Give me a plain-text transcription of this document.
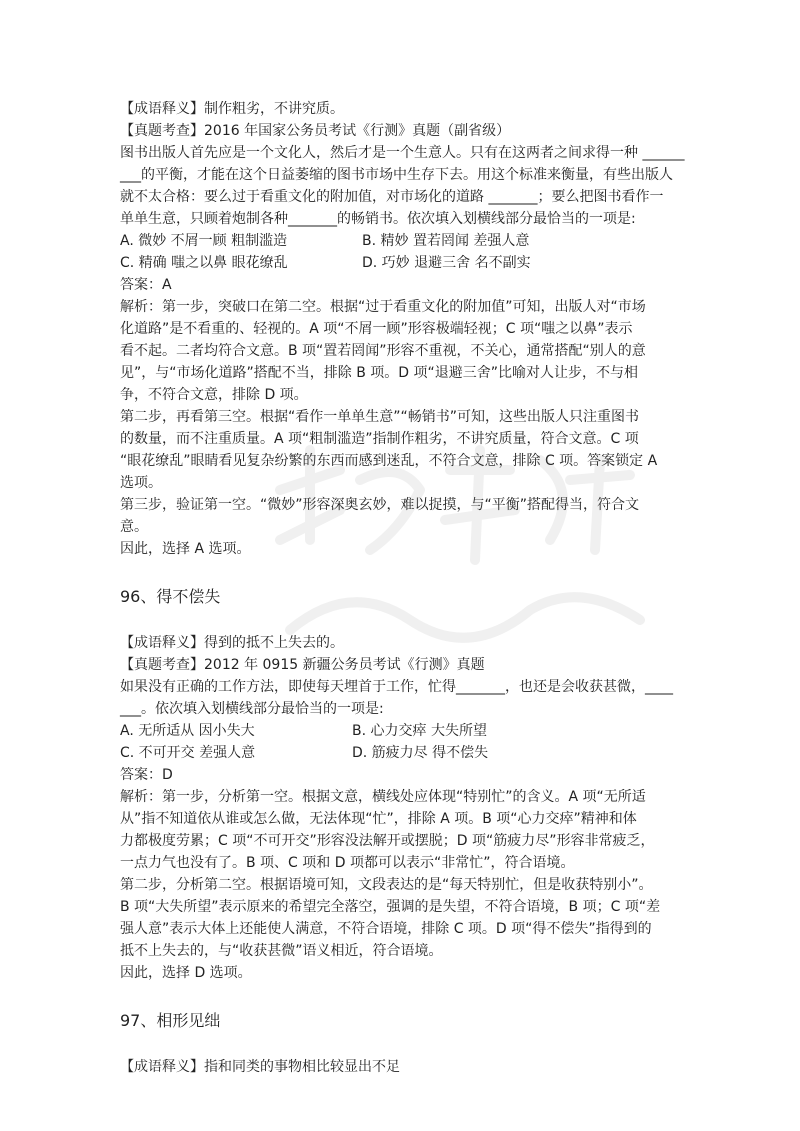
【成语释义】制作粗劣，不讲究质。
【真题考查】2016 年国家公务员考试《行测》真题（副省级）
图书出版人首先应是一个文化人，然后才是一个生意人。只有在这两者之间求得一种 ______
___的平衡，才能在这个日益萎缩的图书市场中生存下去。用这个标准来衡量，有些出版人
就不太合格：要么过于看重文化的附加值，对市场化的道路 _______；要么把图书看作一
单单生意，只顾着炮制各种_______的畅销书。依次填入划横线部分最恰当的一项是:
A. 微妙 不屑一顾 粗制滥造	B. 精妙 置若罔闻 差强人意
C. 精确 嗤之以鼻 眼花缭乱	D. 巧妙 退避三舍 名不副实
答案：A
解析：第一步，突破口在第二空。根据“过于看重文化的附加值”可知，出版人对“市场
化道路”是不看重的、轻视的。A 项“不屑一顾”形容极端轻视；C 项“嗤之以鼻”表示
看不起。二者均符合文意。B 项“置若罔闻”形容不重视，不关心，通常搭配“别人的意
见”，与“市场化道路”搭配不当，排除 B 项。D 项“退避三舍”比喻对人让步，不与相
争，不符合文意，排除 D 项。
第二步，再看第三空。根据“看作一单单生意”“畅销书”可知，这些出版人只注重图书
的数量，而不注重质量。A 项“粗制滥造”指制作粗劣，不讲究质量，符合文意。C 项
“眼花缭乱”眼睛看见复杂纷繁的东西而感到迷乱，不符合文意，排除 C 项。答案锁定 A
选项。
第三步，验证第一空。“微妙”形容深奥玄妙，难以捉摸，与“平衡”搭配得当，符合文
意。
因此，选择 A 选项。
96、得不偿失
【成语释义】得到的抵不上失去的。
【真题考查】2012 年 0915 新疆公务员考试《行测》真题
如果没有正确的工作方法，即使每天埋首于工作，忙得_______，也还是会收获甚微，____
___。依次填入划横线部分最恰当的一项是:
A. 无所适从 因小失大	B. 心力交瘁 大失所望
C. 不可开交 差强人意	D. 筋疲力尽 得不偿失
答案：D
解析：第一步，分析第一空。根据文意，横线处应体现“特别忙”的含义。A 项“无所适
从”指不知道依从谁或怎么做，无法体现“忙”，排除 A 项。B 项“心力交瘁”精神和体
力都极度劳累；C 项“不可开交”形容没法解开或摆脱；D 项“筋疲力尽”形容非常疲乏，
一点力气也没有了。B 项、C 项和 D 项都可以表示“非常忙”，符合语境。
第二步，分析第二空。根据语境可知，文段表达的是“每天特别忙，但是收获特别小”。
B 项“大失所望”表示原来的希望完全落空，强调的是失望，不符合语境，B 项；C 项“差
强人意”表示大体上还能使人满意，不符合语境，排除 C 项。D 项“得不偿失”指得到的
抵不上失去的，与“收获甚微”语义相近，符合语境。
因此，选择 D 选项。
97、相形见绌
【成语释义】指和同类的事物相比较显出不足
